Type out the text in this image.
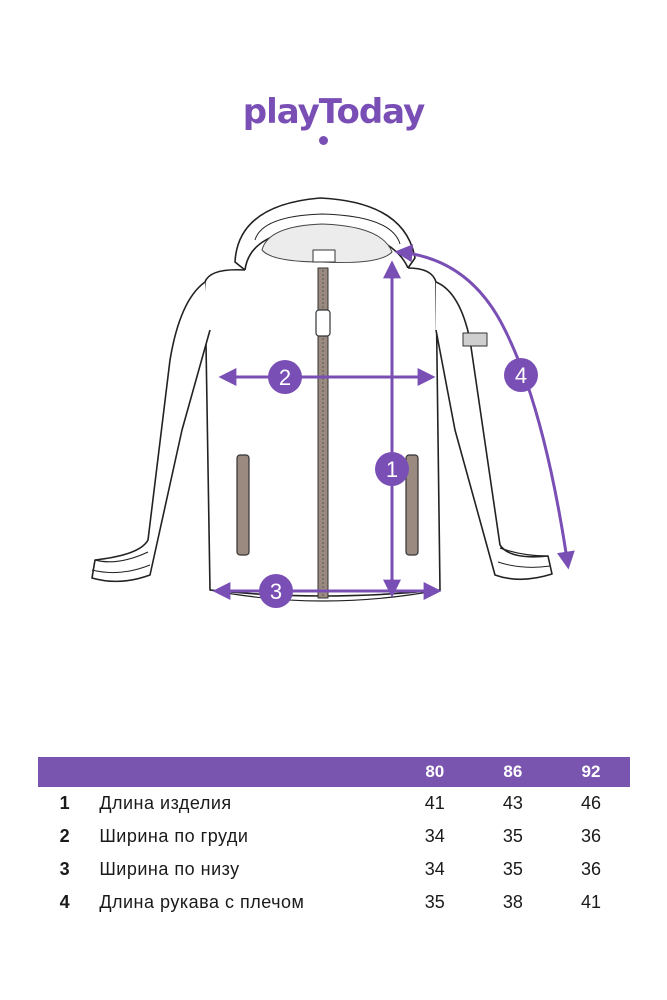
playToday
1
2
3
4
		80	86	92
1	Длина изделия	41	43	46
2	Ширина по груди	34	35	36
3	Ширина по низу	34	35	36
4	Длина рукава с плечом	35	38	41
